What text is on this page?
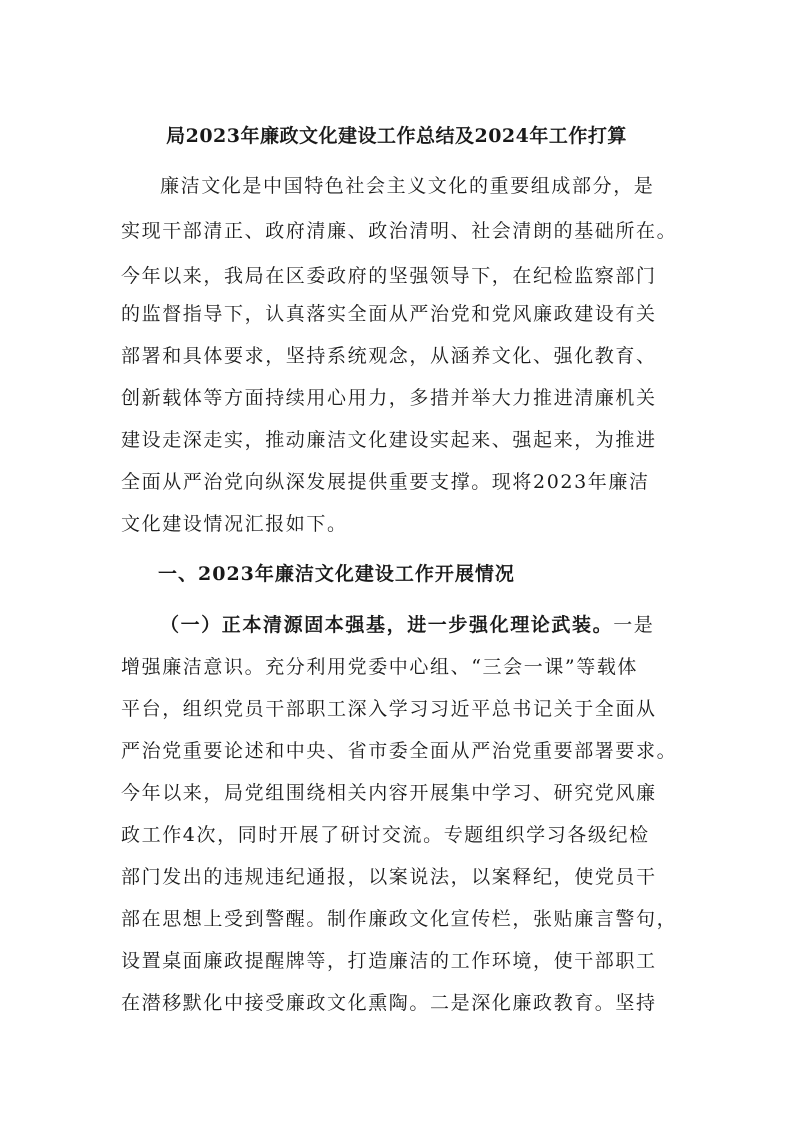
局2023年廉政文化建设工作总结及2024年工作打算
廉洁文化是中国特色社会主义文化的重要组成部分，是
实现干部清正、政府清廉、政治清明、社会清朗的基础所在。
今年以来，我局在区委政府的坚强领导下，在纪检监察部门
的监督指导下，认真落实全面从严治党和党风廉政建设有关
部署和具体要求，坚持系统观念，从涵养文化、强化教育、
创新载体等方面持续用心用力，多措并举大力推进清廉机关
建设走深走实，推动廉洁文化建设实起来、强起来，为推进
全面从严治党向纵深发展提供重要支撑。现将2023年廉洁
文化建设情况汇报如下。
一、2023年廉洁文化建设工作开展情况
（一）正本清源固本强基，进一步强化理论武装。一是
增强廉洁意识。充分利用党委中心组、“三会一课”等载体
平台，组织党员干部职工深入学习习近平总书记关于全面从
严治党重要论述和中央、省市委全面从严治党重要部署要求。
今年以来，局党组围绕相关内容开展集中学习、研究党风廉
政工作4次，同时开展了研讨交流。专题组织学习各级纪检
部门发出的违规违纪通报，以案说法，以案释纪，使党员干
部在思想上受到警醒。制作廉政文化宣传栏，张贴廉言警句，
设置桌面廉政提醒牌等，打造廉洁的工作环境，使干部职工
在潜移默化中接受廉政文化熏陶。二是深化廉政教育。坚持
